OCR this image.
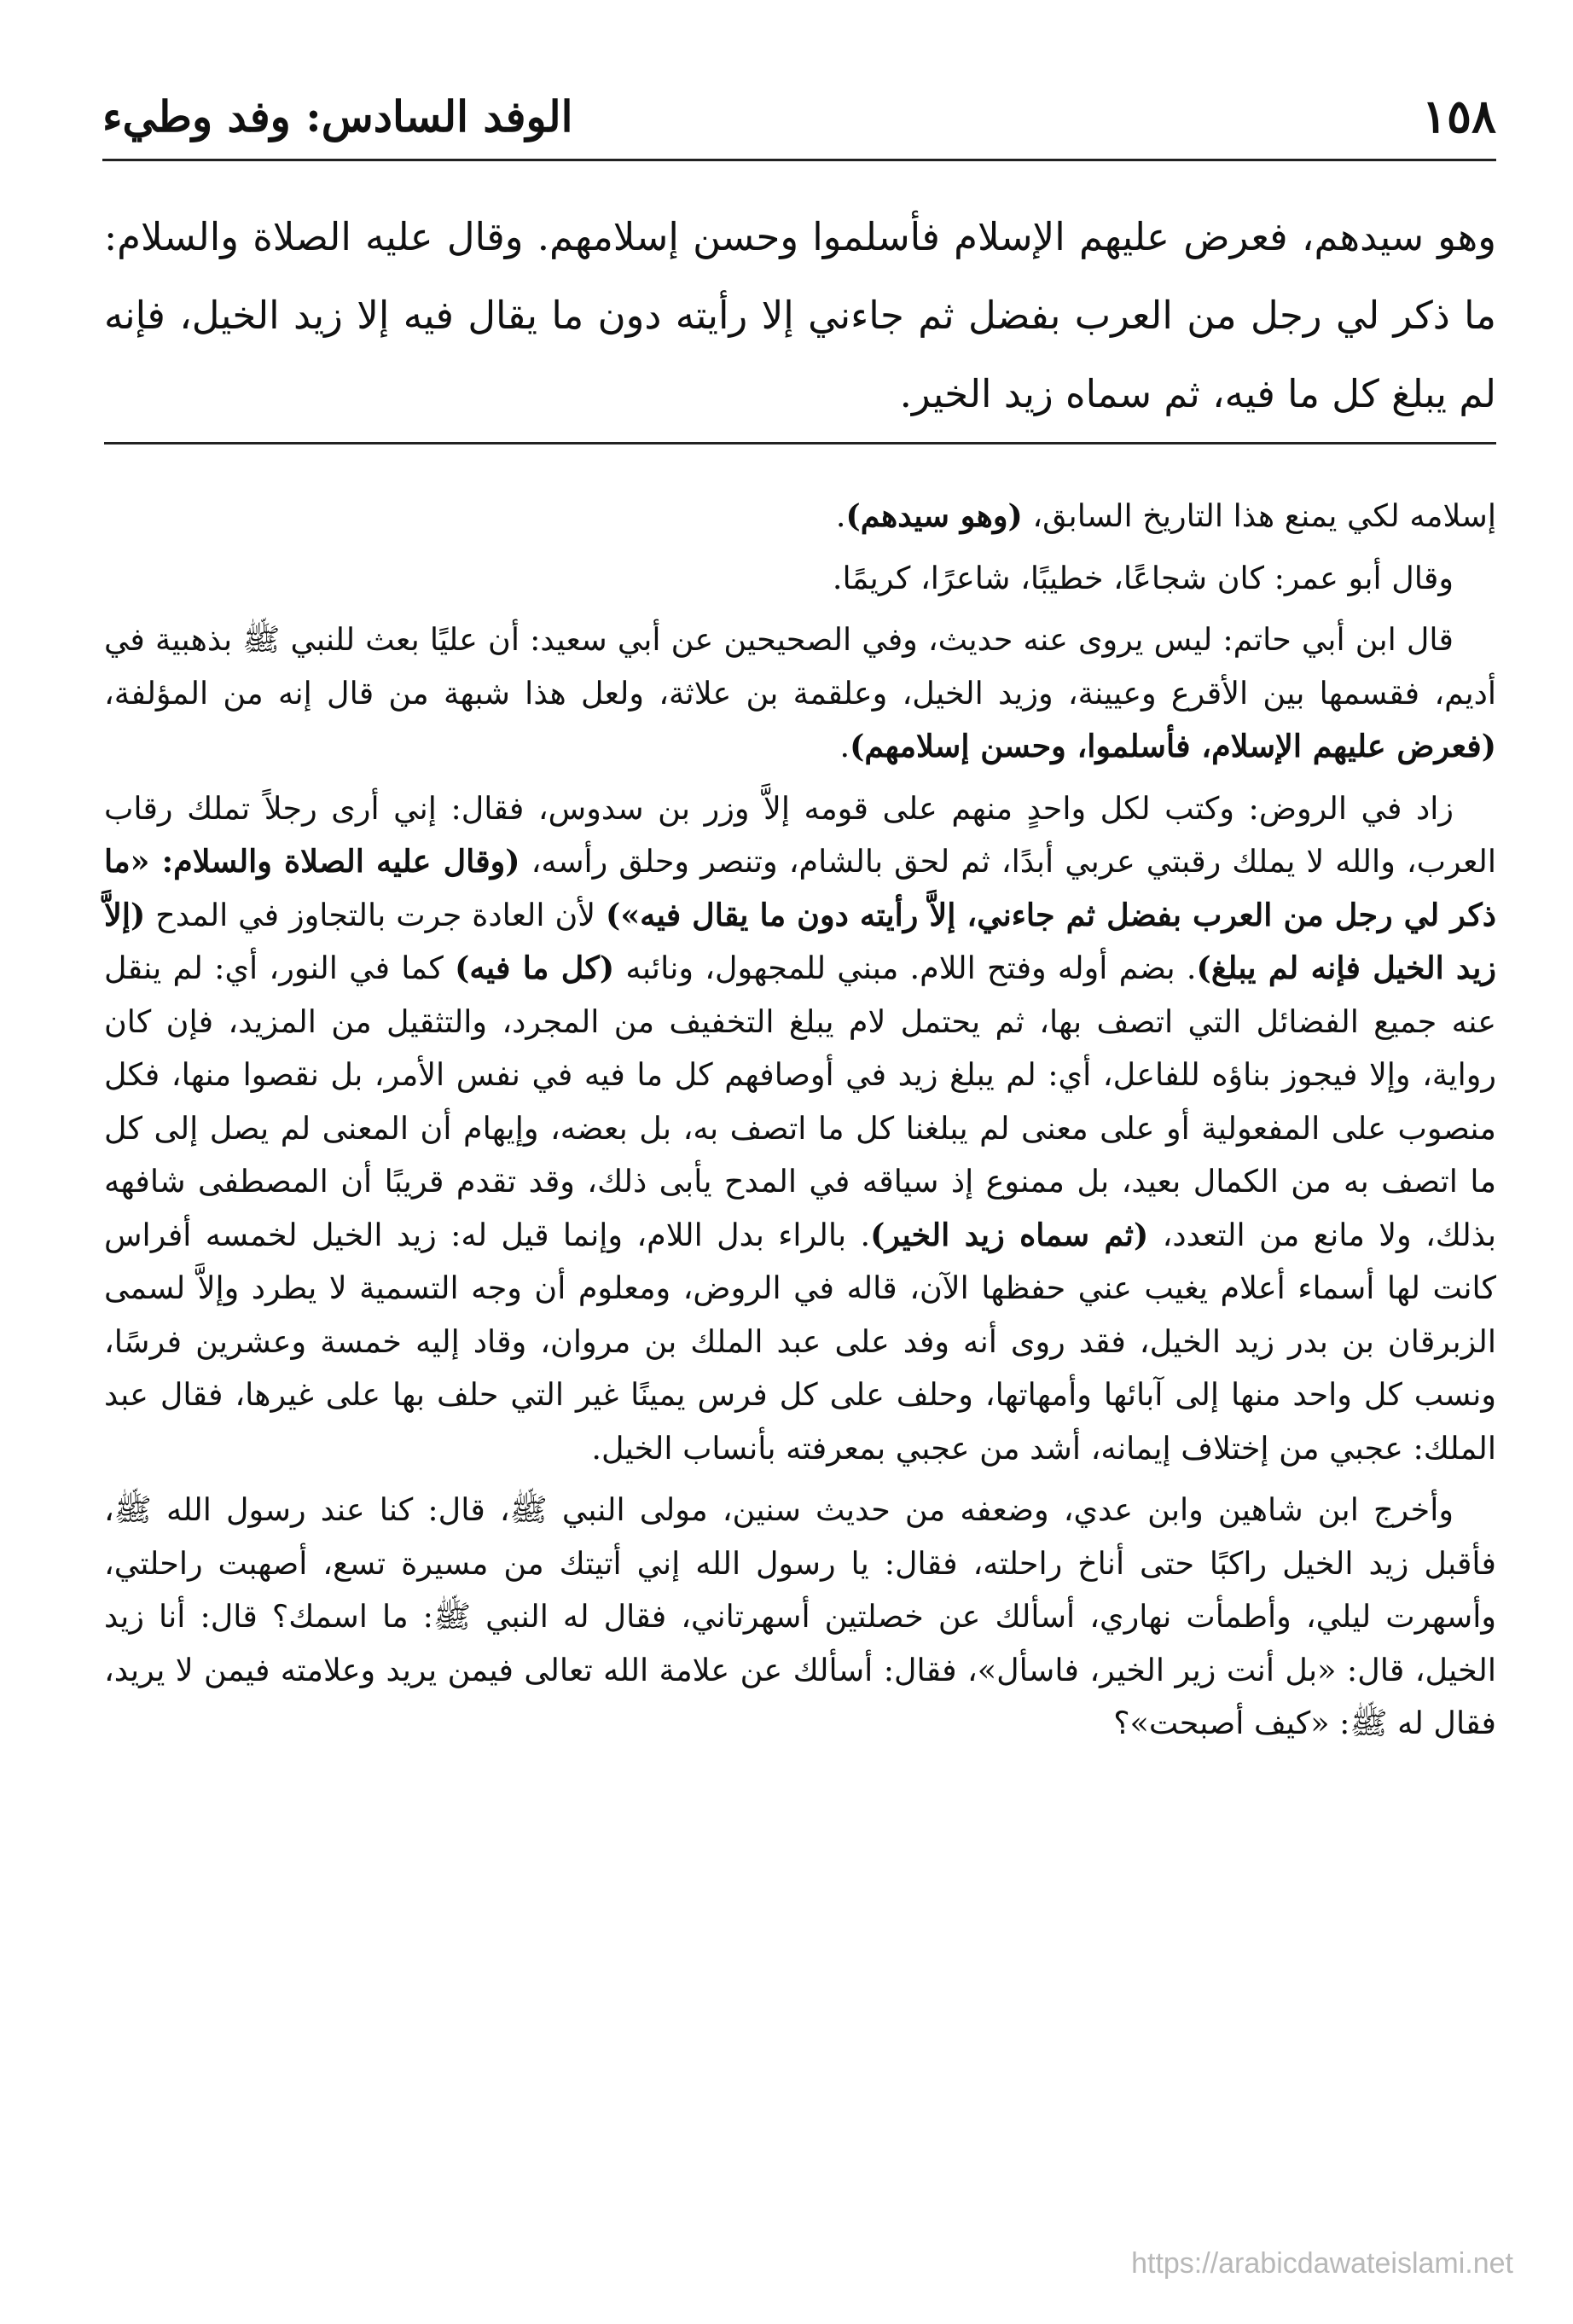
١٥٨
الوفد السادس: وفد وطيء
وهو سيدهم، فعرض عليهم الإسلام فأسلموا وحسن إسلامهم. وقال عليه الصلاة والسلام: ما ذكر لي رجل من العرب بفضل ثم جاءني إلا رأيته دون ما يقال فيه إلا زيد الخيل، فإنه لم يبلغ كل ما فيه، ثم سماه زيد الخير.

إسلامه لكي يمنع هذا التاريخ السابق، (وهو سيدهم).

وقال أبو عمر: كان شجاعًا، خطيبًا، شاعرًا، كريمًا.

قال ابن أبي حاتم: ليس يروى عنه حديث، وفي الصحيحين عن أبي سعيد: أن عليًا بعث للنبي ﷺ بذهبية في أديم، فقسمها بين الأقرع وعيينة، وزيد الخيل، وعلقمة بن علاثة، ولعل هذا شبهة من قال إنه من المؤلفة، (فعرض عليهم الإسلام، فأسلموا، وحسن إسلامهم).

زاد في الروض: وكتب لكل واحدٍ منهم على قومه إلاَّ وزر بن سدوس، فقال: إني أرى رجلاً تملك رقاب العرب، والله لا يملك رقبتي عربي أبدًا، ثم لحق بالشام، وتنصر وحلق رأسه، (وقال عليه الصلاة والسلام: «ما ذكر لي رجل من العرب بفضل ثم جاءني، إلاَّ رأيته دون ما يقال فيه») لأن العادة جرت بالتجاوز في المدح (إلاَّ زيد الخيل فإنه لم يبلغ). بضم أوله وفتح اللام. مبني للمجهول، ونائبه (كل ما فيه) كما في النور، أي: لم ينقل عنه جميع الفضائل التي اتصف بها، ثم يحتمل لام يبلغ التخفيف من المجرد، والتثقيل من المزيد، فإن كان رواية، وإلا فيجوز بناؤه للفاعل، أي: لم يبلغ زيد في أوصافهم كل ما فيه في نفس الأمر، بل نقصوا منها، فكل منصوب على المفعولية أو على معنى لم يبلغنا كل ما اتصف به، بل بعضه، وإيهام أن المعنى لم يصل إلى كل ما اتصف به من الكمال بعيد، بل ممنوع إذ سياقه في المدح يأبى ذلك، وقد تقدم قريبًا أن المصطفى شافهه بذلك، ولا مانع من التعدد، (ثم سماه زيد الخير). بالراء بدل اللام، وإنما قيل له: زيد الخيل لخمسه أفراس كانت لها أسماء أعلام يغيب عني حفظها الآن، قاله في الروض، ومعلوم أن وجه التسمية لا يطرد وإلاَّ لسمى الزبرقان بن بدر زيد الخيل، فقد روى أنه وفد على عبد الملك بن مروان، وقاد إليه خمسة وعشرين فرسًا، ونسب كل واحد منها إلى آبائها وأمهاتها، وحلف على كل فرس يمينًا غير التي حلف بها على غيرها، فقال عبد الملك: عجبي من إختلاف إيمانه، أشد من عجبي بمعرفته بأنساب الخيل.

وأخرج ابن شاهين وابن عدي، وضعفه من حديث سنين، مولى النبي ﷺ، قال: كنا عند رسول الله ﷺ، فأقبل زيد الخيل راكبًا حتى أناخ راحلته، فقال: يا رسول الله إني أتيتك من مسيرة تسع، أصهبت راحلتي، وأسهرت ليلي، وأطمأت نهاري، أسألك عن خصلتين أسهرتاني، فقال له النبي ﷺ: ما اسمك؟ قال: أنا زيد الخيل، قال: «بل أنت زير الخير، فاسأل»، فقال: أسألك عن علامة الله تعالى فيمن يريد وعلامته فيمن لا يريد، فقال له ﷺ: «كيف أصبحت»؟

https://arabicdawateislami.net
